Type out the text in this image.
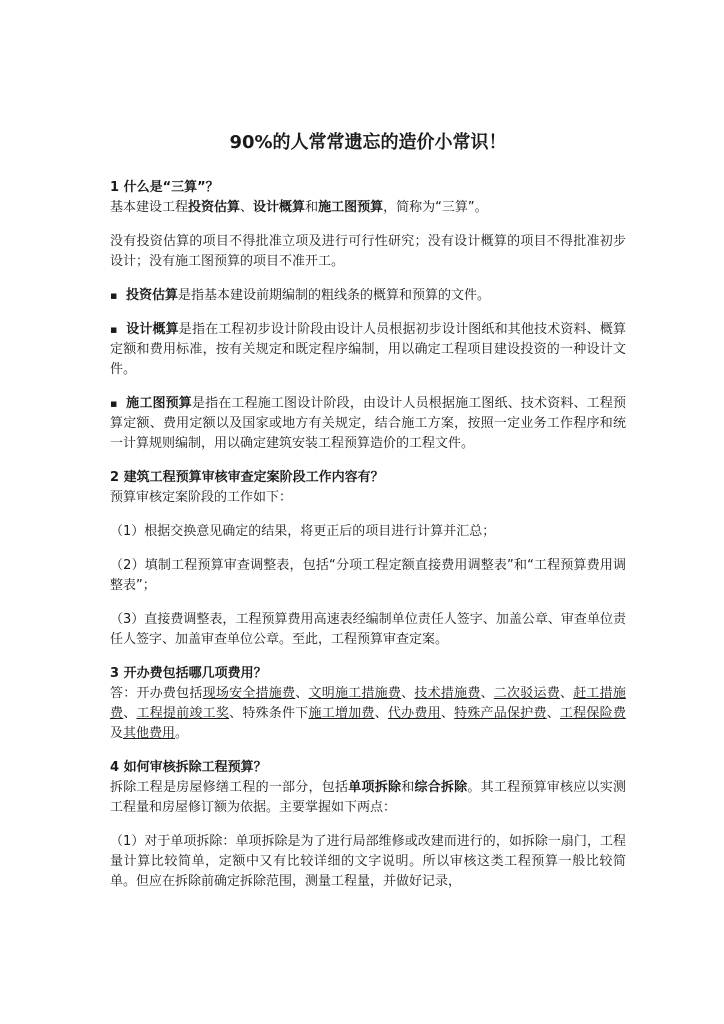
90%的人常常遗忘的造价小常识！
1 什么是“三算”？

基本建设工程投资估算、设计概算和施工图预算，简称为“三算”。

没有投资估算的项目不得批准立项及进行可行性研究；没有设计概算的项目不得批准初步设计；没有施工图预算的项目不准开工。

▪ 投资估算是指基本建设前期编制的粗线条的概算和预算的文件。

▪ 设计概算是指在工程初步设计阶段由设计人员根据初步设计图纸和其他技术资料、概算定额和费用标准，按有关规定和既定程序编制，用以确定工程项目建设投资的一种设计文件。

▪ 施工图预算是指在工程施工图设计阶段，由设计人员根据施工图纸、技术资料、工程预算定额、费用定额以及国家或地方有关规定，结合施工方案，按照一定业务工作程序和统一计算规则编制，用以确定建筑安装工程预算造价的工程文件。

2 建筑工程预算审核审查定案阶段工作内容有？

预算审核定案阶段的工作如下：

（1）根据交换意见确定的结果，将更正后的项目进行计算并汇总；

（2）填制工程预算审查调整表，包括“分项工程定额直接费用调整表”和“工程预算费用调整表”；

（3）直接费调整表，工程预算费用高速表经编制单位责任人签字、加盖公章、审查单位责任人签字、加盖审查单位公章。至此，工程预算审查定案。

3 开办费包括哪几项费用？

答：开办费包括现场安全措施费、文明施工措施费、技术措施费、二次驳运费、赶工措施费、工程提前竣工奖、特殊条件下施工增加费、代办费用、特殊产品保护费、工程保险费及其他费用。

4 如何审核拆除工程预算？

拆除工程是房屋修缮工程的一部分，包括单项拆除和综合拆除。其工程预算审核应以实测工程量和房屋修订额为依据。主要掌握如下两点：

（1）对于单项拆除：单项拆除是为了进行局部维修或改建而进行的，如拆除一扇门，工程量计算比较简单，定额中又有比较详细的文字说明。所以审核这类工程预算一般比较简单。但应在拆除前确定拆除范围，测量工程量，并做好记录，
